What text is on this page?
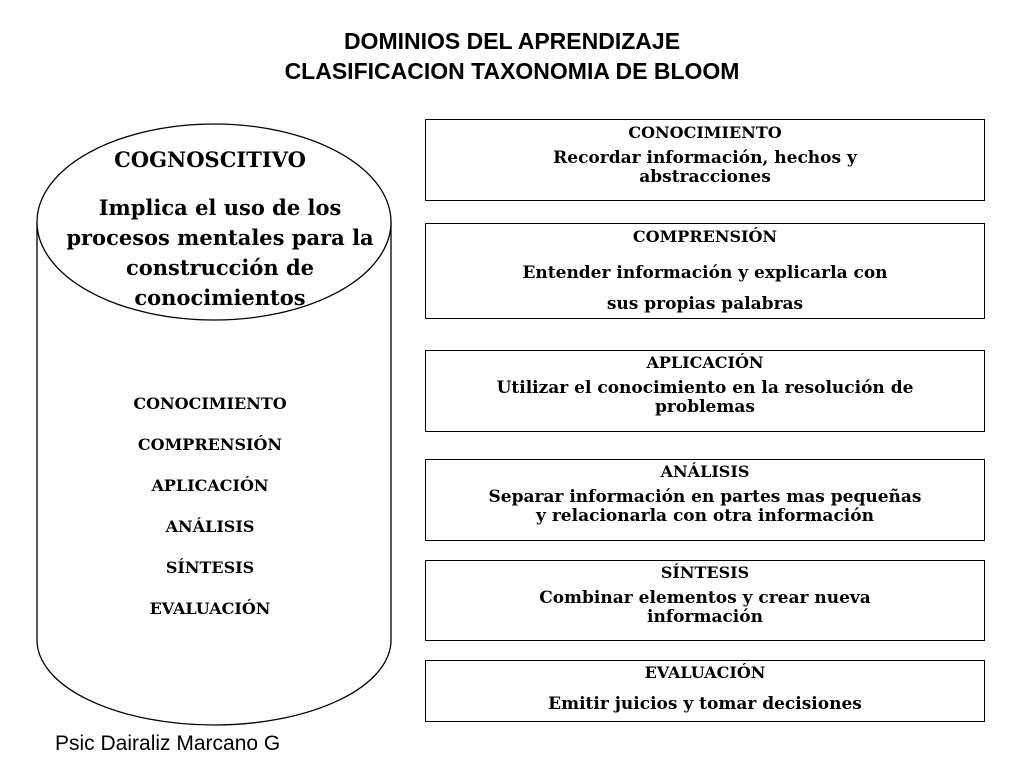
DOMINIOS DEL APRENDIZAJE
CLASIFICACION TAXONOMIA DE BLOOM
COGNOSCITIVO
Implica el uso de los procesos mentales para la construcción de conocimientos
CONOCIMIENTO
COMPRENSIÓN
APLICACIÓN
ANÁLISIS
SÍNTESIS
EVALUACIÓN
CONOCIMIENTO
Recordar información, hechos y
abstracciones
COMPRENSIÓN
Entender información y explicarla con
sus propias palabras
APLICACIÓN
Utilizar el conocimiento en la resolución de
problemas
ANÁLISIS
Separar información en partes mas pequeñas
y relacionarla con otra información
SÍNTESIS
Combinar elementos y crear nueva
información
EVALUACIÓN
Emitir juicios y tomar decisiones
Psic Dairaliz Marcano G
